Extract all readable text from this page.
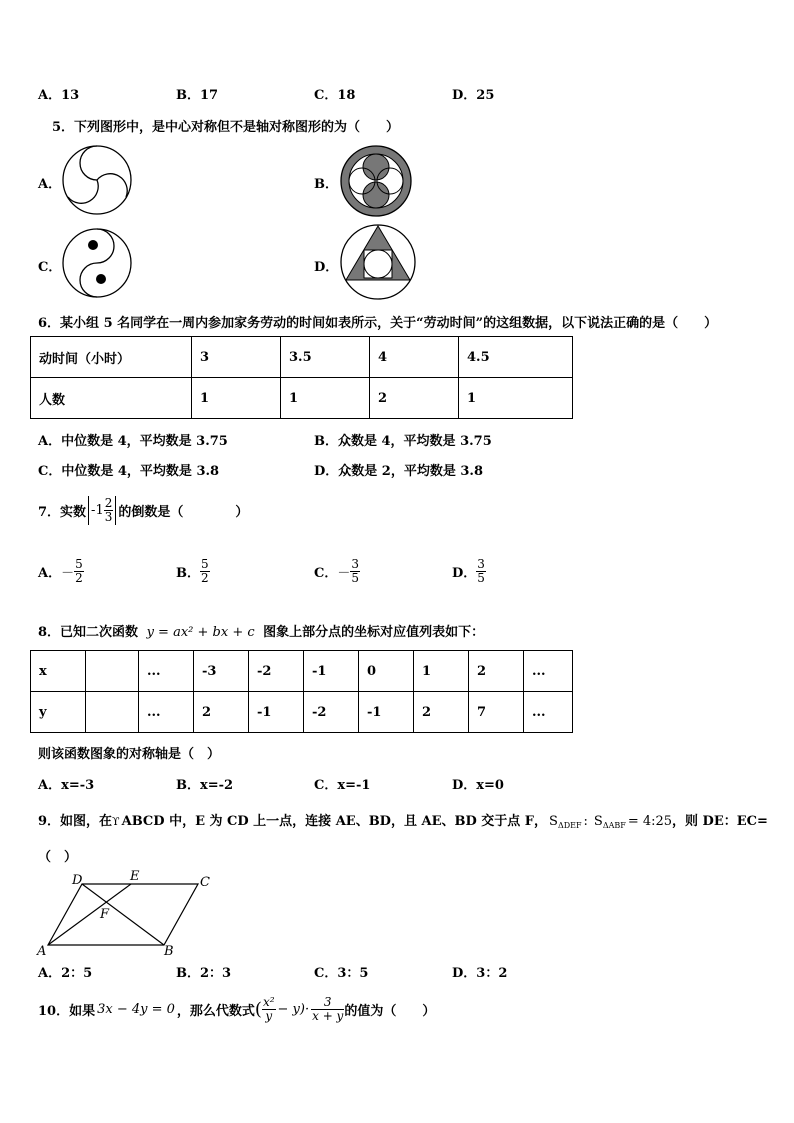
A．13	B．17	C．18	D．25
5．下列图形中，是中心对称但不是轴对称图形的为（　　）
A．	B．
C．	D．
6．某小组 5 名同学在一周内参加家务劳动的时间如表所示，关于“劳动时间”的这组数据，以下说法正确的是（　　）
动时间（小时）	3	3.5	4	4.5
人数	1	1	2	1
A．中位数是 4，平均数是 3.75	B．众数是 4，平均数是 3.75
C．中位数是 4，平均数是 3.8	D．众数是 2，平均数是 3.8
7．实数 $-1 \frac{2}{3}$ 的倒数是（　　　　）
A． － $\frac{5}{2}$	B． $\frac{5}{2}$	C． － $\frac{3}{5}$	D． $\frac{3}{5}$
8．已知二次函数 y = ax² + bx + c 图象上部分点的坐标对应值列表如下：
x		...	-3	-2	-1	0	1	2	...
y		...	2	-1	-2	-1	2	7	...
则该函数图象的对称轴是（　）
A．x=-3	B．x=-2	C．x=-1	D．x=0
9．如图，在 ϒ ABCD 中，E 为 CD 上一点，连接 AE、BD，且 AE、BD 交于点 F， $S_{\Delta DEF}$ : $S_{\Delta ABF}$ = 4:25 ，则 DE：EC=
（　）
D	E	C
F
A	B
A．2：5	B．2：3	C．3：5	D．3：2
10．如果 3x − 4y = 0 ，那么代数式 ( $\frac{\text{x²}}{y} - y)\cdot \frac{3}{x + y}$ 的值为（　　）
